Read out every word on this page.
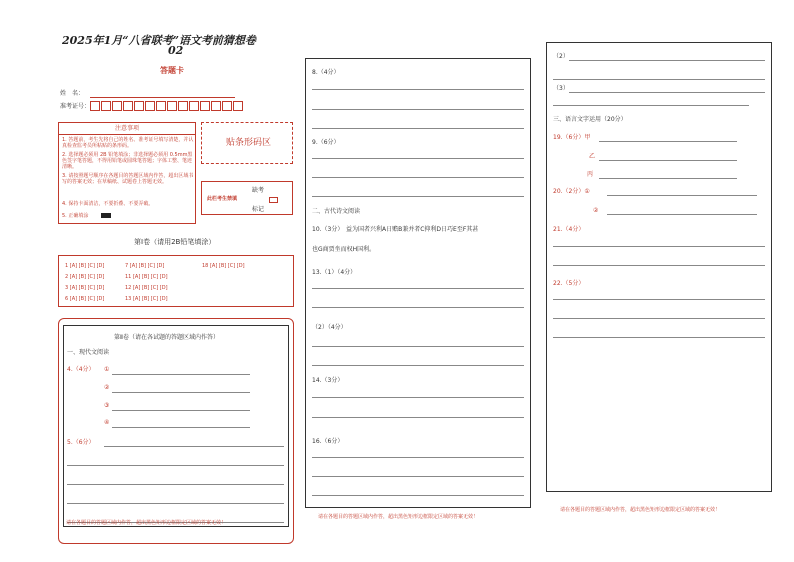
2025年1月“八省联考”语文考前猜想卷
02
答题卡
姓　名：
准考证号：
注意事项
1. 答题前，考生先将自己的姓名、准考证号填写清楚，并认真检查监考员所粘贴的条形码。
2. 选择题必须用 2B 铅笔填涂；非选择题必须用 0.5mm黑色签字笔答题，不得用铅笔或圆珠笔答题；字体工整、笔迹清晰。
3. 请按照题号顺序在各题目的答题区域内作答，超出区域书写的答案无效；在草稿纸、试题卷上答题无效。
4. 保持卡面清洁，不要折叠、不要弄破。
5. 正确填涂
贴条形码区
此栏考生禁填
缺考
标记
第Ⅰ卷（请用2B铅笔填涂）
1 [A] [B] [C] [D]
2 [A] [B] [C] [D]
3 [A] [B] [C] [D]
6 [A] [B] [C] [D]
7 [A] [B] [C] [D]
11 [A] [B] [C] [D]
12 [A] [B] [C] [D]
13 [A] [B] [C] [D]
18 [A] [B] [C] [D]
第Ⅱ卷（请在各试题的答题区域内作答）
一、现代文阅读
4.（4分） ①
②
③
④
5.（6分）
请在各题目的答题区域内作答，超出黑色矩形边框限定区域的答案无效！
8.（4分）
9.（6分）
二、古代诗文阅读
10.（3分） 益为国者兴利A日赡B兼并者C抑利D日巧E至F其甚
也G商贾坐而权H国利。
13.（1）（4分）
（2）（4分）
14.（3分）
16.（6分）
请在各题目的答题区域内作答，超出黑色矩形边框限定区域的答案无效！
（2）
（3）
三、语言文字运用（20分）
19.（6分）甲
乙
丙
20.（2分）①
②
21.（4分）
22.（5分）
请在各题目的答题区域内作答，超出黑色矩形边框限定区域的答案无效！
